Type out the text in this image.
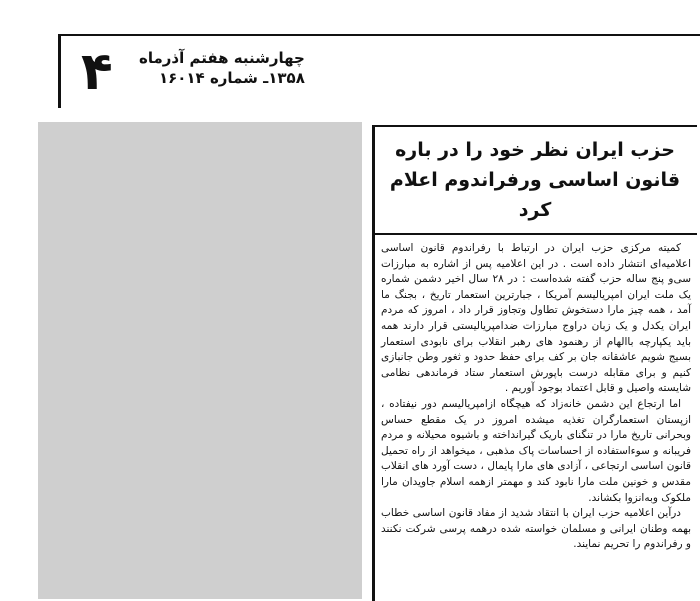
۴ چهارشنبه هفتم آذرماه
۱۳۵۸ـ شماره ۱۶۰۱۴
حزب ایران نظر خود را در باره
قانون اساسی ورفراندوم اعلام کرد

کمیته مرکزی حزب ایران در ارتباط با رفراندوم قانون اساسی اعلامیه‌ای انتشار داده است . در این اعلامیه پس از اشاره به مبارزات سی‌و پنج ساله حزب گفته شده‌است : در ۲۸ سال اخیر دشمن شماره یک ملت ایران امپریالیسم آمریکا ، جبارترین استعمار تاریخ ، بجنگ ما آمد ، همه چیز مارا دستخوش تطاول وتجاوز قرار داد ، امروز که مردم ایران یکدل و یک زبان دراوج مبارزات ضدامپریالیستی قرار دارند همه باید یکپارچه باالهام از رهنمود های رهبر انقلاب برای نابودی استعمار بسیج شویم عاشقانه جان بر کف برای حفظ حدود و ثغور وطن جانبازی کنیم و برای مقابله درست باپورش استعمار ستاد فرماندهی نظامی شایسته واصیل و قابل اعتماد بوجود آوریم .

اما ارتجاع این دشمن خانه‌زاد که هیچگاه ازامپریالیسم دور نیفتاده ، ازپستان استعمارگران تغذیه میشده امروز در یک مقطع حساس وبحرانی تاریخ مارا در تنگنای باریک گیرانداخته و باشیوه محیلانه و مردم فریبانه و سوءاستفاده از احساسات پاک مذهبی ، میخواهد از راه تحمیل قانون اساسی ارتجاعی ، آزادی های مارا پایمال ، دست آورد های انقلاب مقدس و خونین ملت مارا نابود کند و مهمتر ازهمه اسلام جاویدان مارا ملکوک وبه‌انزوا بکشاند.

درآین اعلامیه حزب ایران با انتقاد شدید از مفاد قانون اساسی خطاب بهمه وطنان ایرانی و مسلمان خواسته شده درهمه پرسی شرکت نکنند و رفراندوم را تحریم نمایند.
